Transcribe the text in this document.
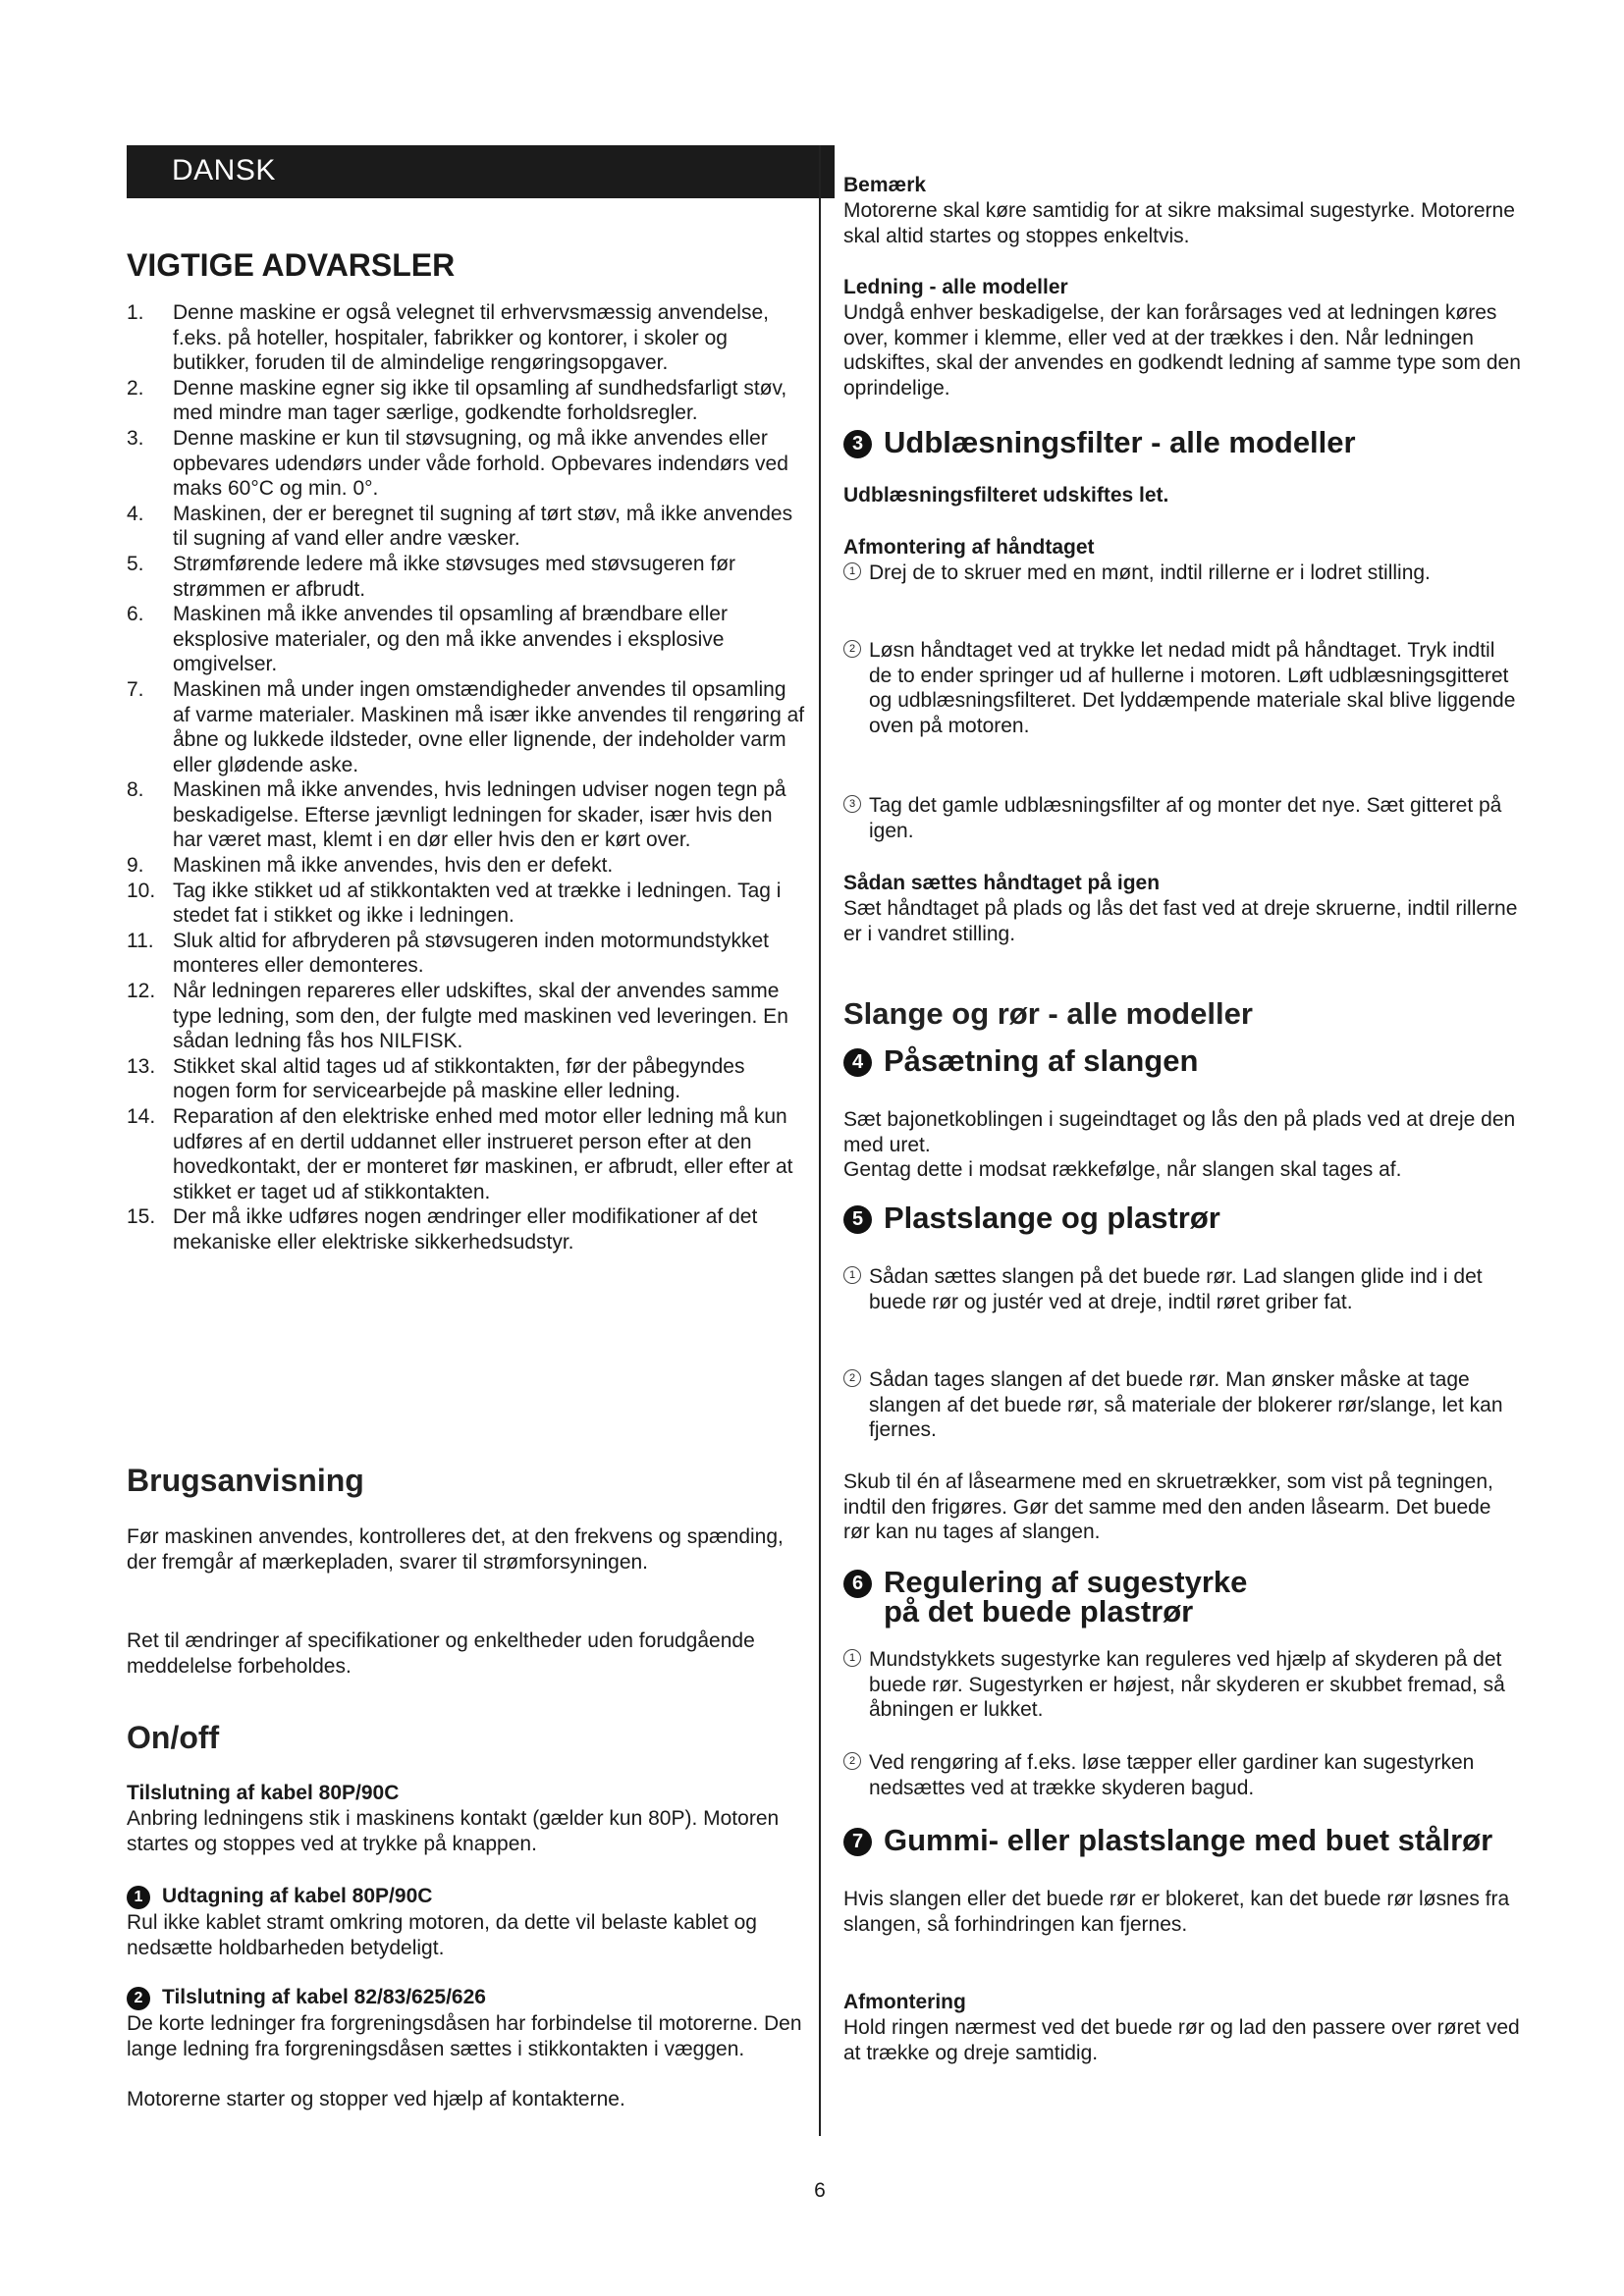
DANSK
VIGTIGE ADVARSLER
1. Denne maskine er også velegnet til erhvervsmæssig anvendelse, f.eks. på hoteller, hospitaler, fabrikker og kontorer, i skoler og butikker, foruden til de almindelige rengøringsopgaver.
2. Denne maskine egner sig ikke til opsamling af sundhedsfarligt støv, med mindre man tager særlige, godkendte forholdsregler.
3. Denne maskine er kun til støvsugning, og må ikke anvendes eller opbevares udendørs under våde forhold. Opbevares indendørs ved maks 60°C og min. 0°.
4. Maskinen, der er beregnet til sugning af tørt støv, må ikke anvendes til sugning af vand eller andre væsker.
5. Strømførende ledere må ikke støvsuges med støvsugeren før strømmen er afbrudt.
6. Maskinen må ikke anvendes til opsamling af brændbare eller eksplosive materialer, og den må ikke anvendes i eksplosive omgivelser.
7. Maskinen må under ingen omstændigheder anvendes til opsamling af varme materialer. Maskinen må især ikke anvendes til rengøring af åbne og lukkede ildsteder, ovne eller lignende, der indeholder varm eller glødende aske.
8. Maskinen må ikke anvendes, hvis ledningen udviser nogen tegn på beskadigelse. Efterse jævnligt ledningen for skader, især hvis den har været mast, klemt i en dør eller hvis den er kørt over.
9. Maskinen må ikke anvendes, hvis den er defekt.
10. Tag ikke stikket ud af stikkontakten ved at trække i ledningen. Tag i stedet fat i stikket og ikke i ledningen.
11. Sluk altid for afbryderen på støvsugeren inden motormundstykket monteres eller demonteres.
12. Når ledningen repareres eller udskiftes, skal der anvendes samme type ledning, som den, der fulgte med maskinen ved leveringen. En sådan ledning fås hos NILFISK.
13. Stikket skal altid tages ud af stikkontakten, før der påbegyndes nogen form for servicearbejde på maskine eller ledning.
14. Reparation af den elektriske enhed med motor eller ledning må kun udføres af en dertil uddannet eller instrueret person efter at den hovedkontakt, der er monteret før maskinen, er afbrudt, eller efter at stikket er taget ud af stikkontakten.
15. Der må ikke udføres nogen ændringer eller modifikationer af det mekaniske eller elektriske sikkerhedsudstyr.
Brugsanvisning

Før maskinen anvendes, kontrolleres det, at den frekvens og spænding, der fremgår af mærkepladen, svarer til strømforsyningen.

Ret til ændringer af specifikationer og enkeltheder uden forudgående meddelelse forbeholdes.

On/off
Tilslutning af kabel 80P/90C

Anbring ledningens stik i maskinens kontakt (gælder kun 80P). Motoren startes og stoppes ved at trykke på knappen.

1 Udtagning af kabel 80P/90C

Rul ikke kablet stramt omkring motoren, da dette vil belaste kablet og nedsætte holdbarheden betydeligt.

2 Tilslutning af kabel 82/83/625/626

De korte ledninger fra forgreningsdåsen har forbindelse til motorerne. Den lange ledning fra forgreningsdåsen sættes i stikkontakten i væggen.

Motorerne starter og stopper ved hjælp af kontakterne.

Bemærk

Motorerne skal køre samtidig for at sikre maksimal sugestyrke. Motorerne skal altid startes og stoppes enkeltvis.

Ledning - alle modeller

Undgå enhver beskadigelse, der kan forårsages ved at ledningen køres over, kommer i klemme, eller ved at der trækkes i den. Når ledningen udskiftes, skal der anvendes en godkendt ledning af samme type som den oprindelige.

3 Udblæsningsfilter - alle modeller
Udblæsningsfilteret udskiftes let.
Afmontering af håndtaget

1 Drej de to skruer med en mønt, indtil rillerne er i lodret stilling.

2 Løsn håndtaget ved at trykke let nedad midt på håndtaget. Tryk indtil de to ender springer ud af hullerne i motoren. Løft udblæsningsgitteret og udblæsningsfilteret. Det lyddæmpende materiale skal blive liggende oven på motoren.

3 Tag det gamle udblæsningsfilter af og monter det nye. Sæt gitteret på igen.

Sådan sættes håndtaget på igen

Sæt håndtaget på plads og lås det fast ved at dreje skruerne, indtil rillerne er i vandret stilling.

Slange og rør - alle modeller
4 Påsætning af slangen

Sæt bajonetkoblingen i sugeindtaget og lås den på plads ved at dreje den med uret.

Gentag dette i modsat rækkefølge, når slangen skal tages af.

5 Plastslange og plastrør

1 Sådan sættes slangen på det buede rør. Lad slangen glide ind i det buede rør og justér ved at dreje, indtil røret griber fat.

2 Sådan tages slangen af det buede rør. Man ønsker måske at tage slangen af det buede rør, så materiale der blokerer rør/slange, let kan fjernes.

Skub til én af låsearmene med en skruetrækker, som vist på tegningen, indtil den frigøres. Gør det samme med den anden låsearm. Det buede rør kan nu tages af slangen.

6 Regulering af sugestyrke
på det buede plastrør

1 Mundstykkets sugestyrke kan reguleres ved hjælp af skyderen på det buede rør. Sugestyrken er højest, når skyderen er skubbet fremad, så åbningen er lukket.

2 Ved rengøring af f.eks. løse tæpper eller gardiner kan sugestyrken nedsættes ved at trække skyderen bagud.

7 Gummi- eller plastslange med buet stålrør

Hvis slangen eller det buede rør er blokeret, kan det buede rør løsnes fra slangen, så forhindringen kan fjernes.

Afmontering

Hold ringen nærmest ved det buede rør og lad den passere over røret ved at trække og dreje samtidig.

6
